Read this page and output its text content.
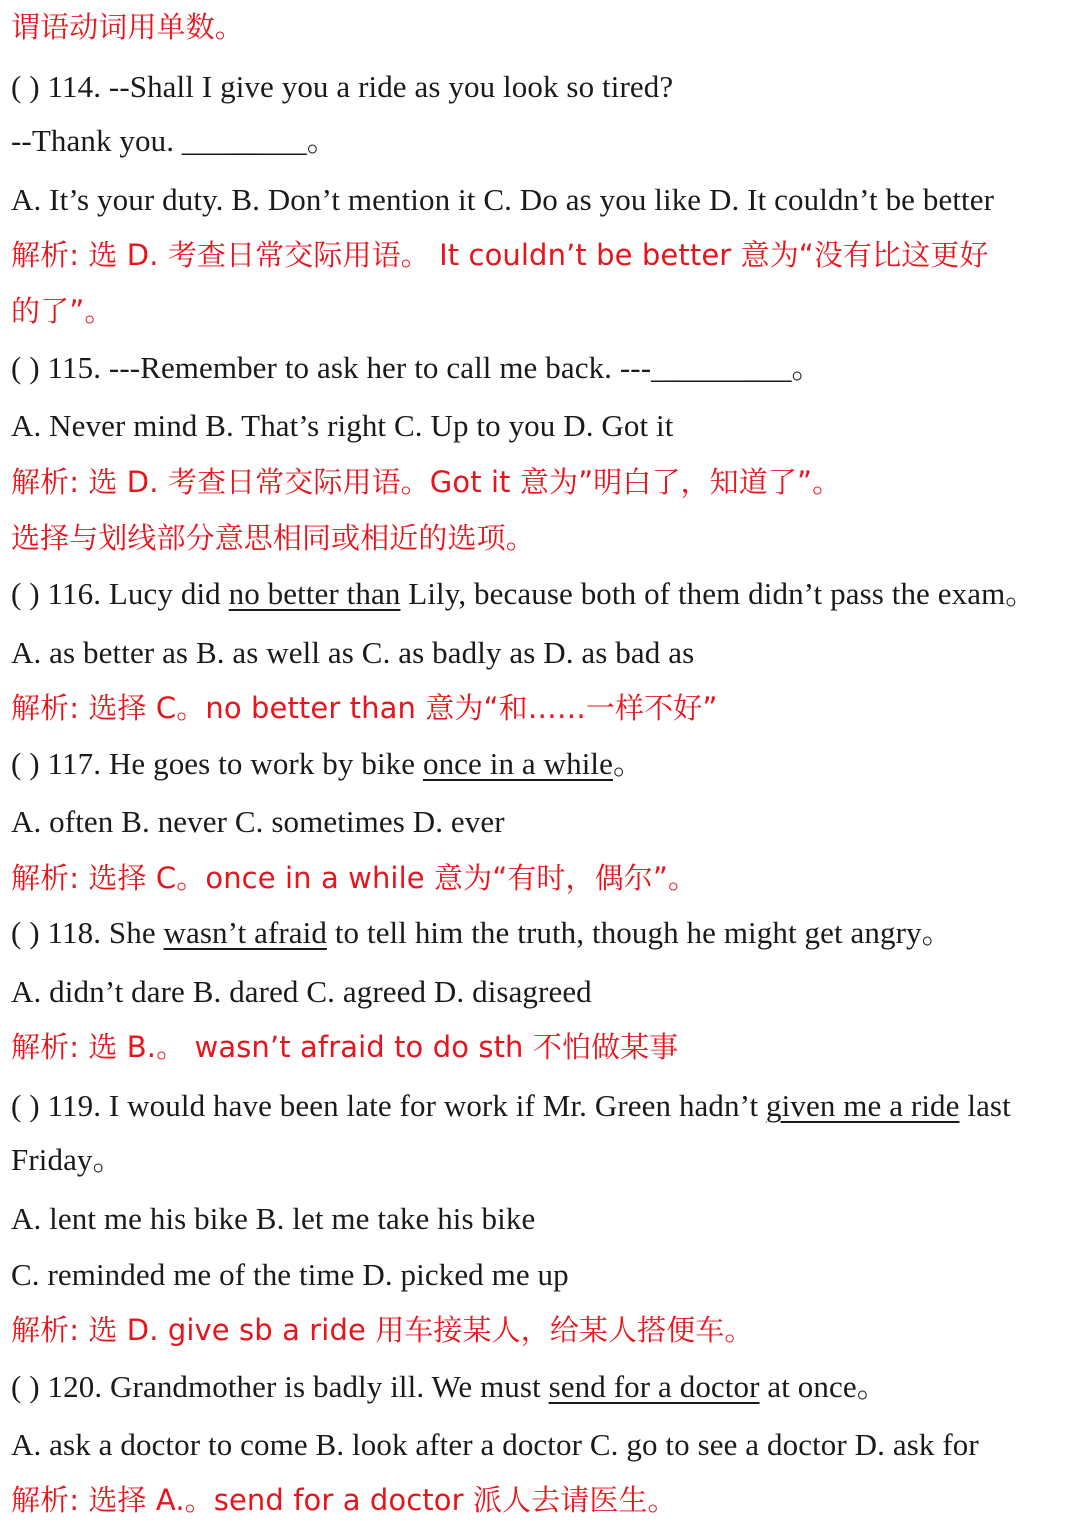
谓语动词用单数。
( ) 114. --Shall I give you a ride as you look so tired?
--Thank you. ________。
A. It’s your duty. B. Don’t mention it C. Do as you like D. It couldn’t be better
解析: 选 D. 考查日常交际用语。 It couldn’t be better 意为“没有比这更好
的了”。
( ) 115. ---Remember to ask her to call me back. ---_________。
A. Never mind B. That’s right C. Up to you D. Got it
解析: 选 D. 考查日常交际用语。Got it 意为”明白了，知道了”。
选择与划线部分意思相同或相近的选项。
( ) 116. Lucy did no better than Lily, because both of them didn’t pass the exam。
A. as better as B. as well as C. as badly as D. as bad as
解析: 选择 C。no better than 意为“和……一样不好”
( ) 117. He goes to work by bike once in a while。
A. often B. never C. sometimes D. ever
解析: 选择 C。once in a while 意为“有时，偶尔”。
( ) 118. She wasn’t afraid to tell him the truth, though he might get angry。
A. didn’t dare B. dared C. agreed D. disagreed
解析: 选 B.。 wasn’t afraid to do sth 不怕做某事
( ) 119. I would have been late for work if Mr. Green hadn’t given me a ride last
Friday。
A. lent me his bike B. let me take his bike
C. reminded me of the time D. picked me up
解析: 选 D. give sb a ride 用车接某人，给某人搭便车。
( ) 120. Grandmother is badly ill. We must send for a doctor at once。
A. ask a doctor to come B. look after a doctor C. go to see a doctor D. ask for
解析: 选择 A.。send for a doctor 派人去请医生。
